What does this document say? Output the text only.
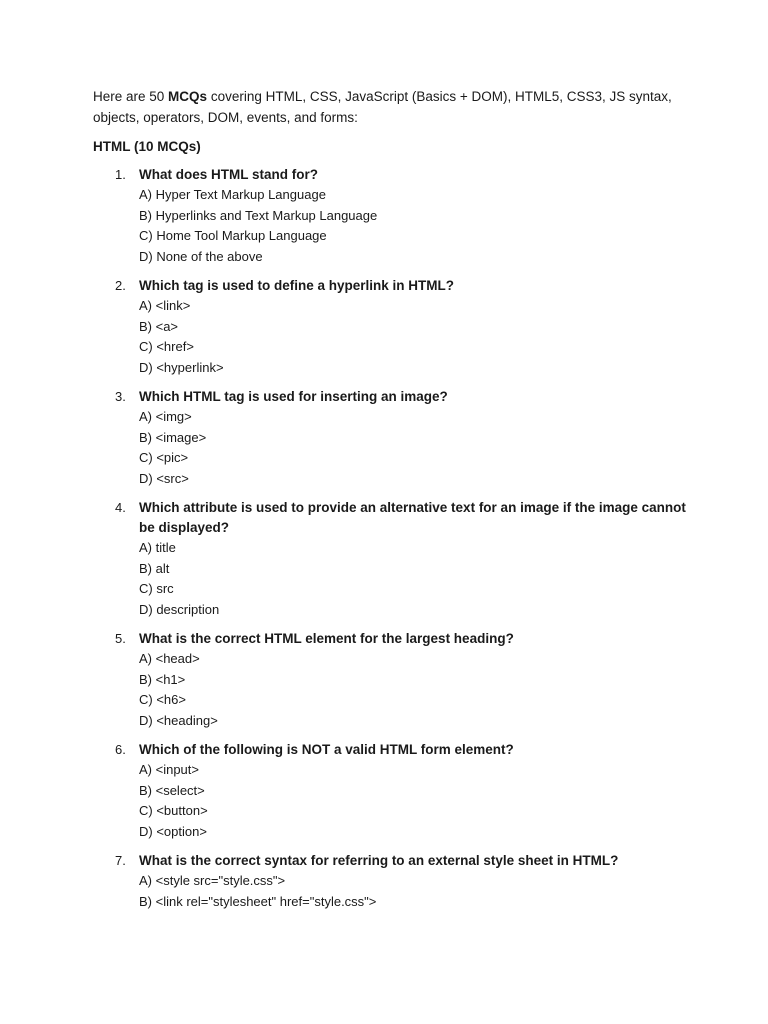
Here are 50 MCQs covering HTML, CSS, JavaScript (Basics + DOM), HTML5, CSS3, JS syntax, objects, operators, DOM, events, and forms:

HTML (10 MCQs)

1. What does HTML stand for?

A) Hyper Text Markup Language

B) Hyperlinks and Text Markup Language

C) Home Tool Markup Language

D) None of the above

2. Which tag is used to define a hyperlink in HTML?

A) <link>

B) <a>

C) <href>

D) <hyperlink>

3. Which HTML tag is used for inserting an image?

A) <img>

B) <image>

C) <pic>

D) <src>

4. Which attribute is used to provide an alternative text for an image if the image cannot be displayed?

A) title

B) alt

C) src

D) description

5. What is the correct HTML element for the largest heading?

A) <head>

B) <h1>

C) <h6>

D) <heading>

6. Which of the following is NOT a valid HTML form element?

A) <input>

B) <select>

C) <button>

D) <option>

7. What is the correct syntax for referring to an external style sheet in HTML?

A) <style src="style.css">

B) <link rel="stylesheet" href="style.css">
